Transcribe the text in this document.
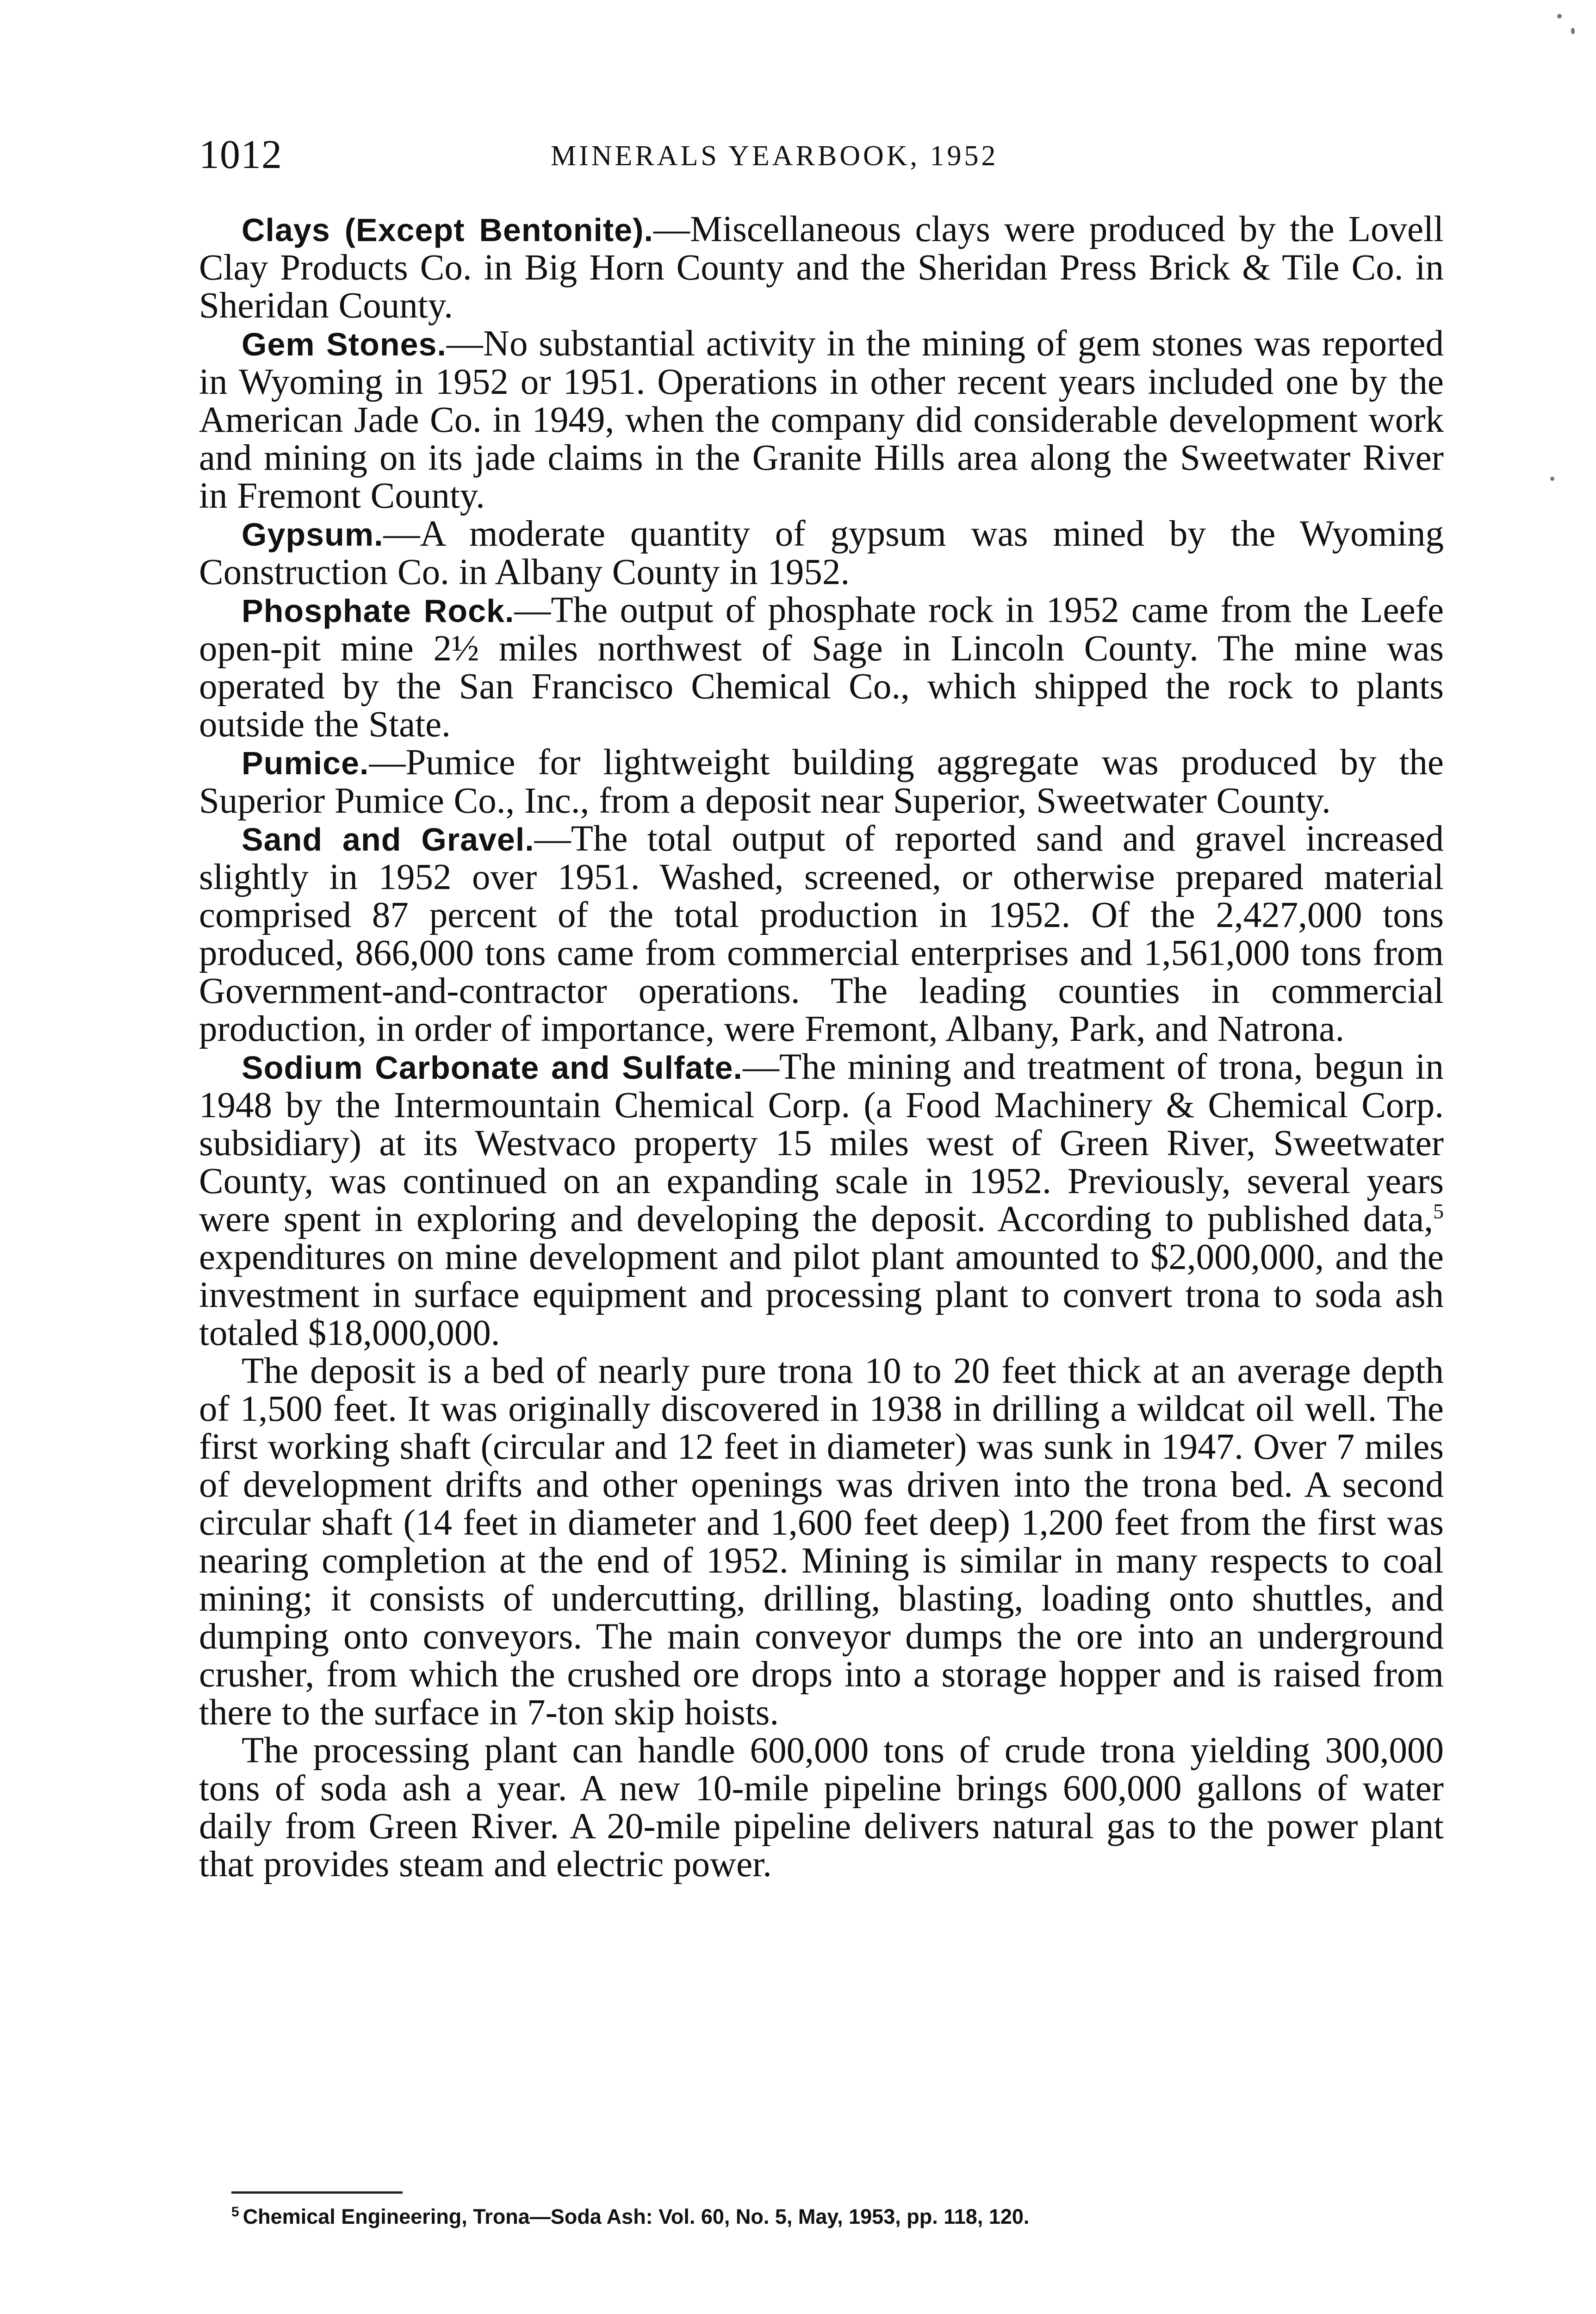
1012	MINERALS YEARBOOK, 1952

Clays (Except Bentonite).—Miscellaneous clays were produced by the Lovell Clay Products Co. in Big Horn County and the Sheridan Press Brick & Tile Co. in Sheridan County.

Gem Stones.—No substantial activity in the mining of gem stones was reported in Wyoming in 1952 or 1951. Operations in other recent years included one by the American Jade Co. in 1949, when the company did considerable development work and mining on its jade claims in the Granite Hills area along the Sweetwater River in Fremont County.

Gypsum.—A moderate quantity of gypsum was mined by the Wyoming Construction Co. in Albany County in 1952.

Phosphate Rock.—The output of phosphate rock in 1952 came from the Leefe open-pit mine 2½ miles northwest of Sage in Lincoln County. The mine was operated by the San Francisco Chemical Co., which shipped the rock to plants outside the State.

Pumice.—Pumice for lightweight building aggregate was produced by the Superior Pumice Co., Inc., from a deposit near Superior, Sweetwater County.

Sand and Gravel.—The total output of reported sand and gravel increased slightly in 1952 over 1951. Washed, screened, or otherwise prepared material comprised 87 percent of the total production in 1952. Of the 2,427,000 tons produced, 866,000 tons came from commercial enterprises and 1,561,000 tons from Government-and-contractor operations. The leading counties in commercial production, in order of importance, were Fremont, Albany, Park, and Natrona.

Sodium Carbonate and Sulfate.—The mining and treatment of trona, begun in 1948 by the Intermountain Chemical Corp. (a Food Machinery & Chemical Corp. subsidiary) at its Westvaco property 15 miles west of Green River, Sweetwater County, was continued on an expanding scale in 1952. Previously, several years were spent in exploring and developing the deposit. According to published data,$^5$ expenditures on mine development and pilot plant amounted to $2,000,000, and the investment in surface equipment and processing plant to convert trona to soda ash totaled $18,000,000.

The deposit is a bed of nearly pure trona 10 to 20 feet thick at an average depth of 1,500 feet. It was originally discovered in 1938 in drilling a wildcat oil well. The first working shaft (circular and 12 feet in diameter) was sunk in 1947. Over 7 miles of development drifts and other openings was driven into the trona bed. A second circular shaft (14 feet in diameter and 1,600 feet deep) 1,200 feet from the first was nearing completion at the end of 1952. Mining is similar in many respects to coal mining; it consists of undercutting, drilling, blasting, loading onto shuttles, and dumping onto conveyors. The main conveyor dumps the ore into an underground crusher, from which the crushed ore drops into a storage hopper and is raised from there to the surface in 7-ton skip hoists.

The processing plant can handle 600,000 tons of crude trona yielding 300,000 tons of soda ash a year. A new 10-mile pipeline brings 600,000 gallons of water daily from Green River. A 20-mile pipeline delivers natural gas to the power plant that provides steam and electric power.

$^5$ Chemical Engineering, Trona—Soda Ash: Vol. 60, No. 5, May, 1953, pp. 118, 120.
